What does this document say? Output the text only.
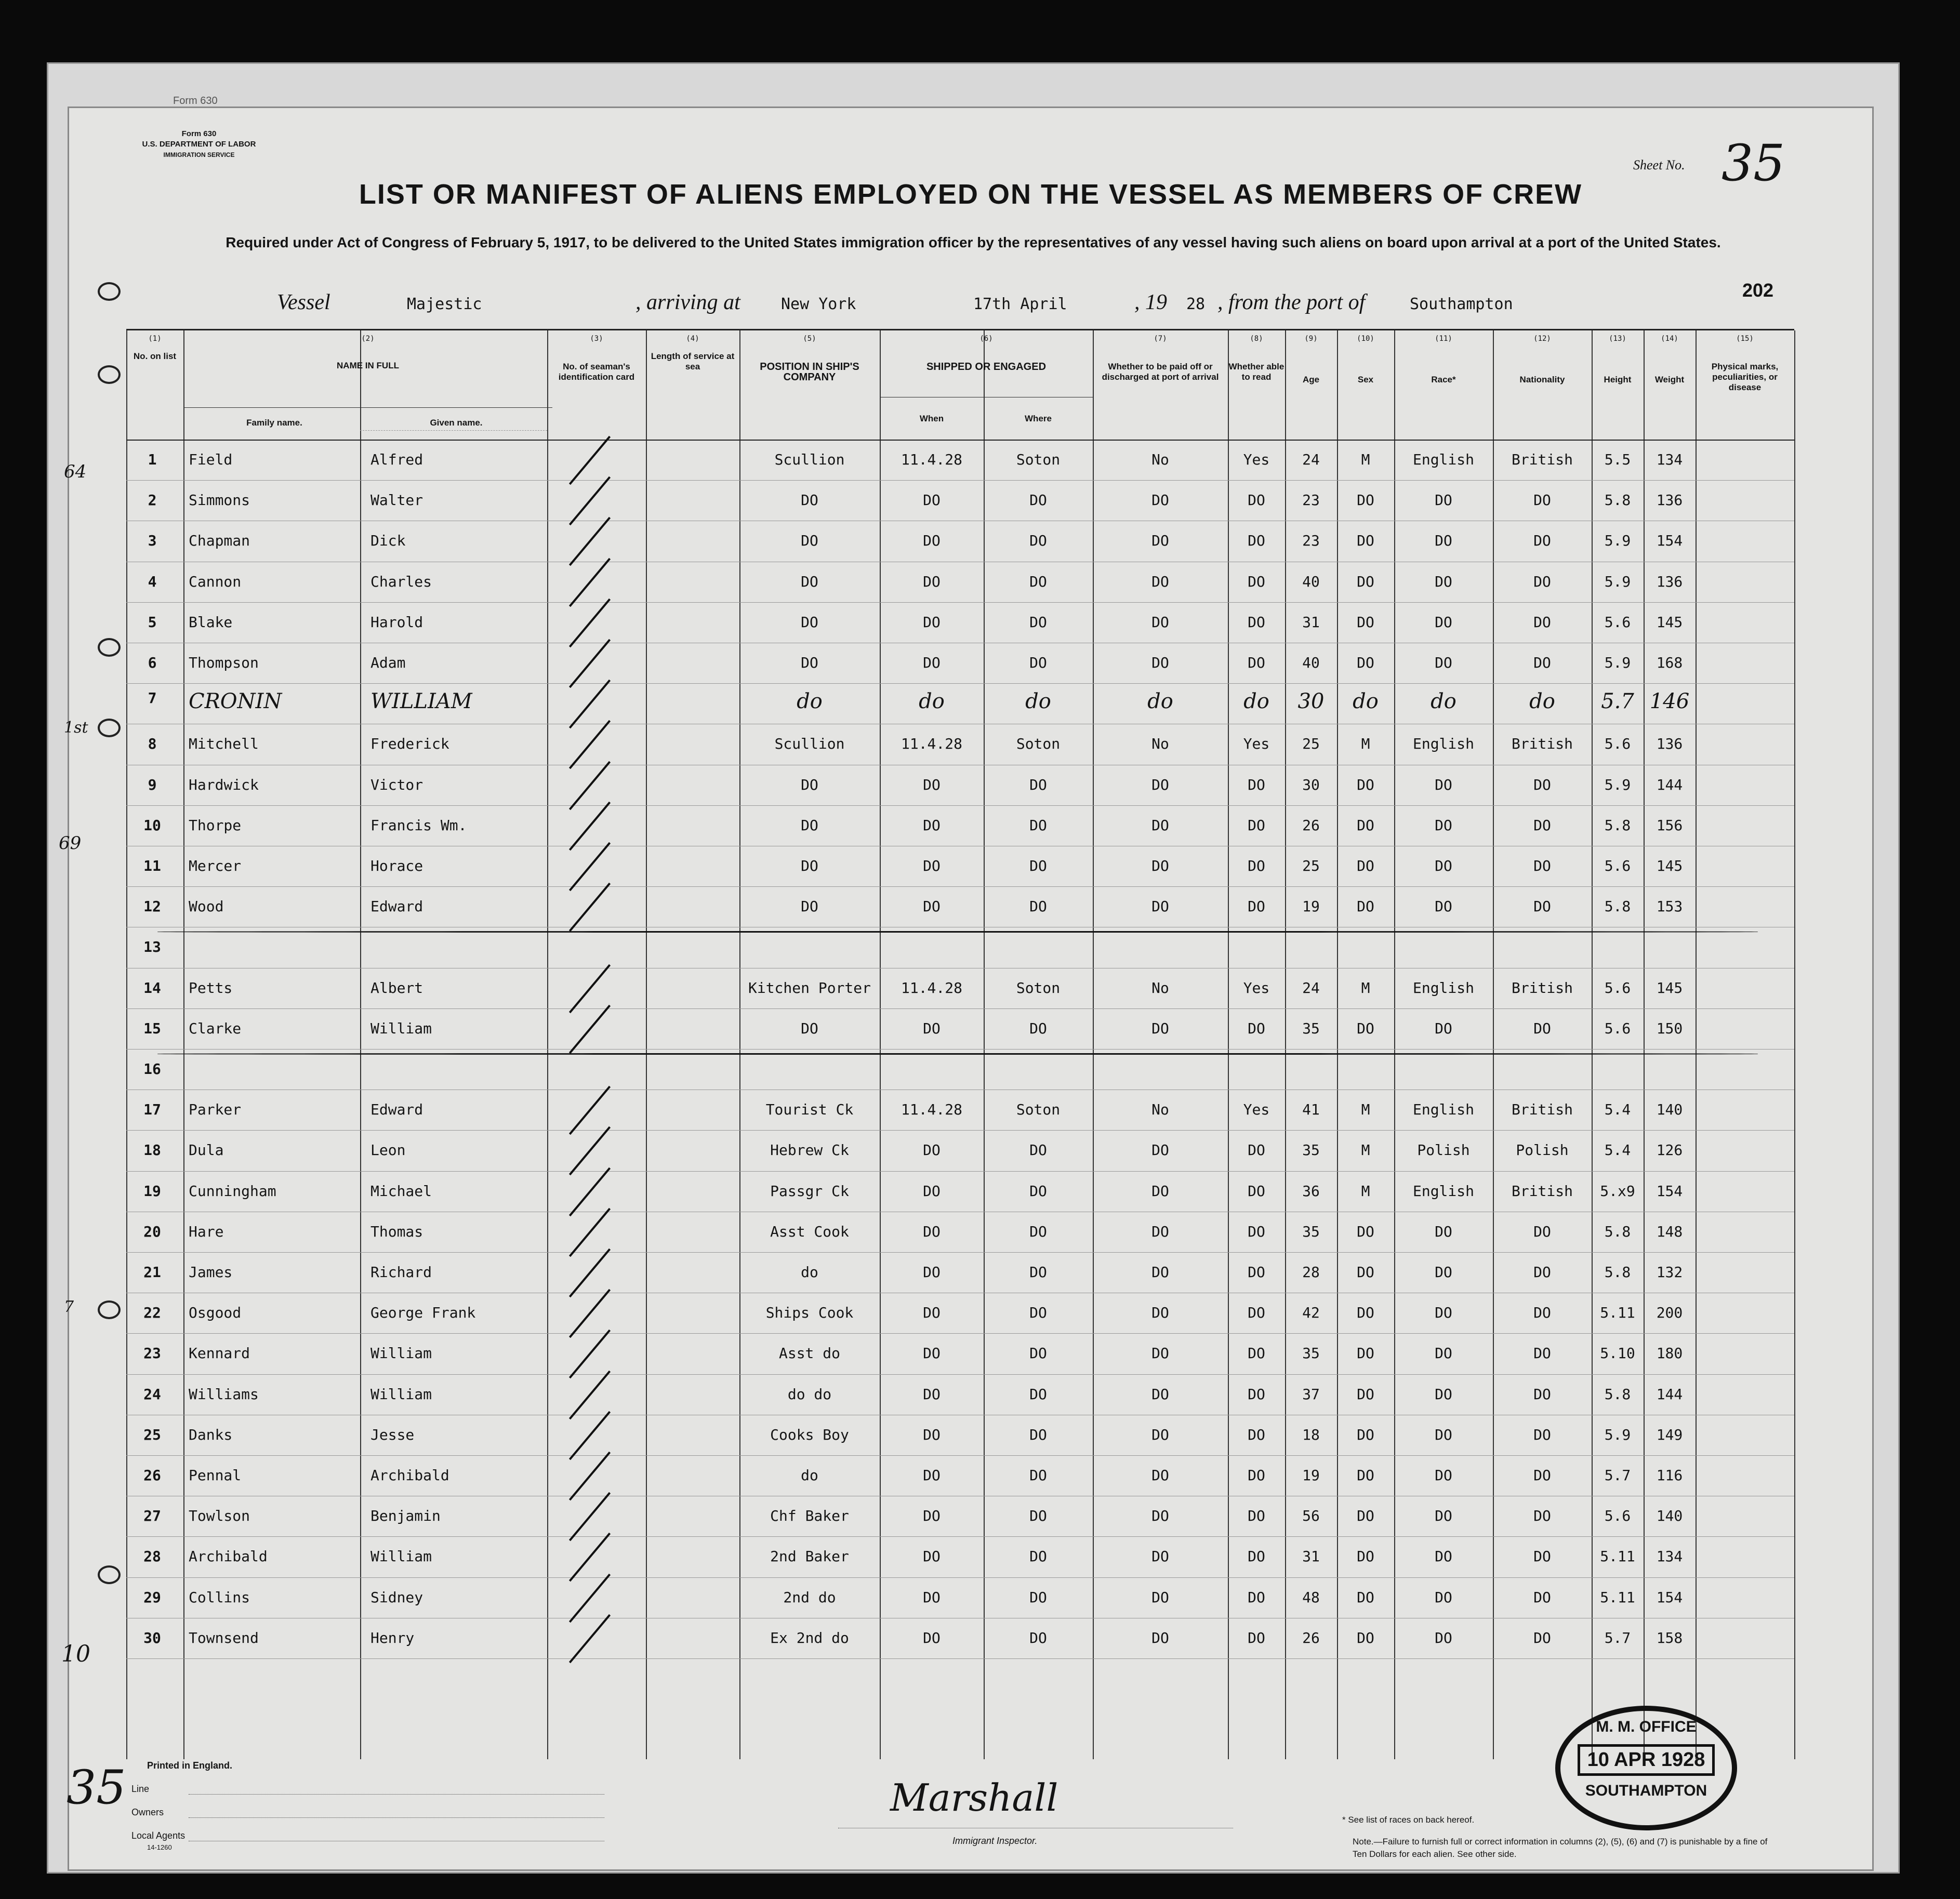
Form 630
Form 630
U.S. DEPARTMENT OF LABOR
IMMIGRATION SERVICE
LIST OR MANIFEST OF ALIENS EMPLOYED ON THE VESSEL AS MEMBERS OF CREW
Required under Act of Congress of February 5, 1917, to be delivered to the United States immigration officer by the representatives of any vessel having such aliens on board upon arrival at a port of the United States.
Sheet No. 35
202
Vessel	Majestic	, arriving at	New York	17th April	, 19 28 , from the port of	Southampton
(1)	(2)	(3)	(4)	(5)	(6)	(7)	(8)	(9)	(10)	(11)	(12)	(13)	(14)	(15)
No. on list
NAME IN FULL
Family name.	Given name.
No. of seaman's identification card
Length of service at sea	POSITION IN SHIP'S COMPANY
SHIPPED OR ENGAGED
When	Where
Whether to be paid off or discharged at port of arrival
Whether able to read	Age	Sex	Race*	Nationality	Height	Weight
Physical marks, peculiarities, or disease
1	Field	Alfred	Scullion	11.4.28	Soton	No	Yes	24	M	English	British	5.5	134
2	Simmons	Walter	DO	DO	DO	DO	DO	23	DO	DO	DO	5.8	136
3	Chapman	Dick	DO	DO	DO	DO	DO	23	DO	DO	DO	5.9	154
4	Cannon	Charles	DO	DO	DO	DO	DO	40	DO	DO	DO	5.9	136
5	Blake	Harold	DO	DO	DO	DO	DO	31	DO	DO	DO	5.6	145
6	Thompson	Adam	DO	DO	DO	DO	DO	40	DO	DO	DO	5.9	168
7	CRONIN	WILLIAM	do	do	do	do	do	30	do	do	do	5.7 146
8	Mitchell	Frederick	Scullion	11.4.28	Soton	No	Yes	25	M	English	British	5.6	136
9	Hardwick	Victor	DO	DO	DO	DO	DO	30	DO	DO	DO	5.9	144
10	Thorpe	Francis Wm.	DO	DO	DO	DO	DO	26	DO	DO	DO	5.8	156
11	Mercer	Horace	DO	DO	DO	DO	DO	25	DO	DO	DO	5.6	145
12	Wood	Edward	DO	DO	DO	DO	DO	19	DO	DO	DO	5.8	153
13
14	Petts	Albert	Kitchen Porter	11.4.28	Soton	No	Yes	24	M	English	British	5.6	145
15	Clarke	William	DO	DO	DO	DO	DO	35	DO	DO	DO	5.6	150
16
17	Parker	Edward	Tourist Ck	11.4.28	Soton	No	Yes	41	M	English	British	5.4	140
18	Dula	Leon	Hebrew Ck	DO	DO	DO	DO	35	M	Polish	Polish	5.4	126
19	Cunningham	Michael	Passgr Ck	DO	DO	DO	DO	36	M	English	British	5.x9	154
20	Hare	Thomas	Asst Cook	DO	DO	DO	DO	35	DO	DO	DO	5.8	148
21	James	Richard	do	DO	DO	DO	DO	28	DO	DO	DO	5.8	132
22	Osgood	George Frank	Ships Cook	DO	DO	DO	DO	42	DO	DO	DO	5.11	200
23	Kennard	William	Asst do	DO	DO	DO	DO	35	DO	DO	DO	5.10	180
24	Williams	William	do do	DO	DO	DO	DO	37	DO	DO	DO	5.8	144
25	Danks	Jesse	Cooks Boy	DO	DO	DO	DO	18	DO	DO	DO	5.9	149
26	Pennal	Archibald	do	DO	DO	DO	DO	19	DO	DO	DO	5.7	116
27	Towlson	Benjamin	Chf Baker	DO	DO	DO	DO	56	DO	DO	DO	5.6	140
28	Archibald	William	2nd Baker	DO	DO	DO	DO	31	DO	DO	DO	5.11	134
29	Collins	Sidney	2nd do	DO	DO	DO	DO	48	DO	DO	DO	5.11	154
30	Townsend	Henry	Ex 2nd do	DO	DO	DO	DO	26	DO	DO	DO	5.7	158
64
1st
69
7
10
35 Printed in England.
Line
Owners
Local Agents
14-1260
Marshall
Immigrant Inspector.
* See list of races on back hereof.
Note.—Failure to furnish full or correct information in columns (2), (5), (6) and (7) is punishable by a fine of Ten Dollars for each alien. See other side.
M. M. OFFICE
10 APR 1928
SOUTHAMPTON
